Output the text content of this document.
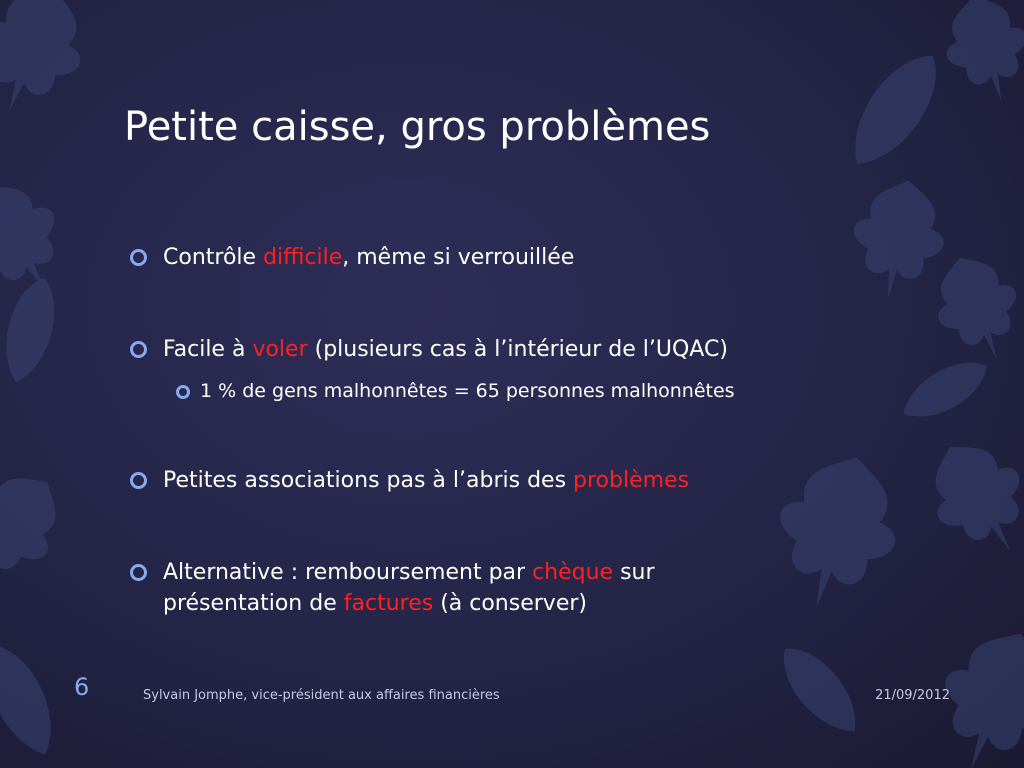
Petite caisse, gros problèmes
Contrôle difficile, même si verrouillée
Facile à voler (plusieurs cas à l’intérieur de l’UQAC)
1 % de gens malhonnêtes = 65 personnes malhonnêtes
Petites associations pas à l’abris des problèmes
Alternative : remboursement par chèque sur
présentation de factures (à conserver)
6	Sylvain Jomphe, vice-président aux affaires financières	21/09/2012
